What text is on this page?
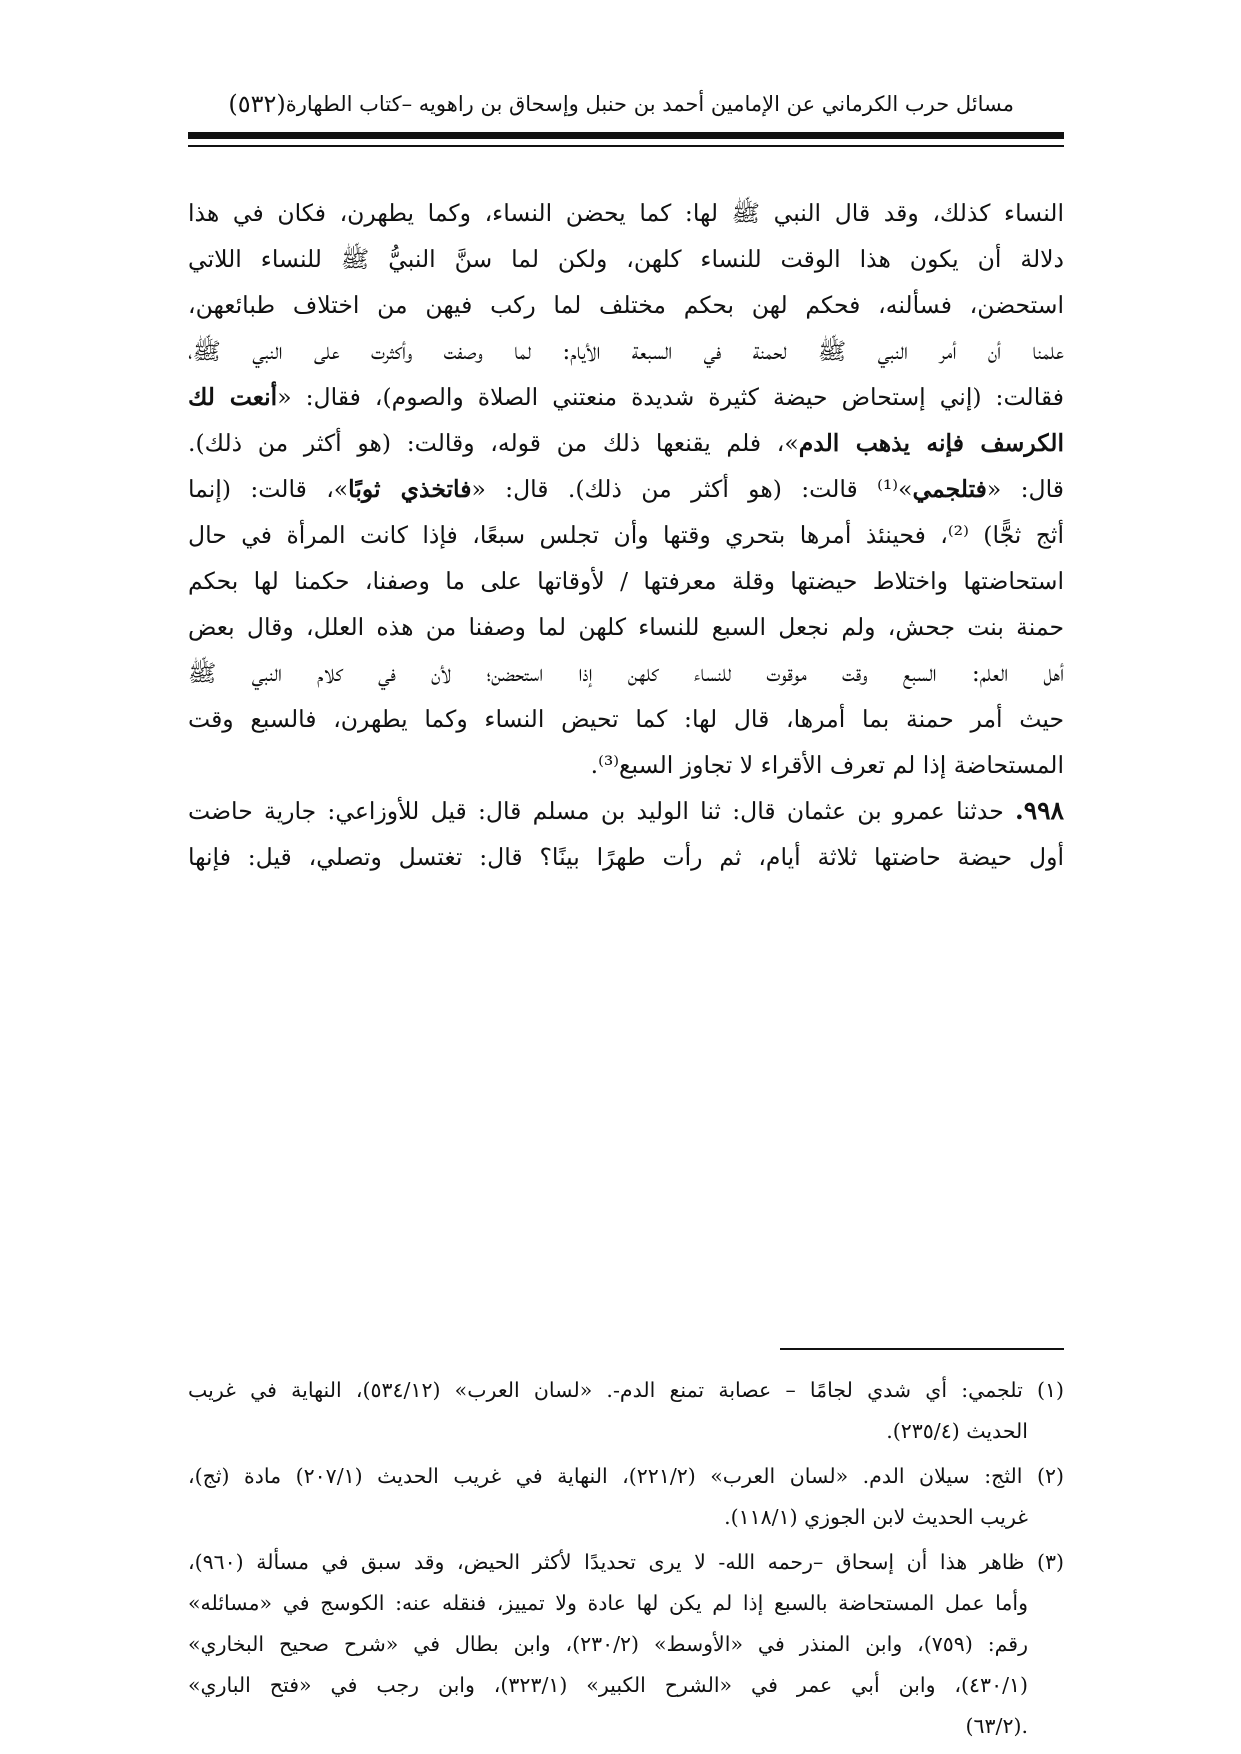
مسائل حرب الكرماني عن الإمامين أحمد بن حنبل وإسحاق بن راهويه –كتاب الطهارة
(٥٣٢)
النساء كذلك، وقد قال النبي ﷺ لها: كما يحضن النساء، وكما يطهرن، فكان في هذا
دلالة أن يكون هذا الوقت للنساء كلهن، ولكن لما سنَّ النبيُّ ﷺ للنساء اللاتي
استحضن، فسألنه، فحكم لهن بحكم مختلف لما ركب فيهن من اختلاف طبائعهن،
علمنا أن أمر النبي ﷺ لحمنة في السبعة الأيام: لما وصفت وأكثرت على النبي ﷺ،
فقالت: (إني إستحاض حيضة كثيرة شديدة منعتني الصلاة والصوم)، فقال: «أنعت لك
الكرسف فإنه يذهب الدم»، فلم يقنعها ذلك من قوله، وقالت: (هو أكثر من ذلك).
قال: «فتلجمي»⁽¹⁾ قالت: (هو أكثر من ذلك). قال: «فاتخذي ثوبًا»، قالت: (إنما
أثج ثجًّا) ⁽²⁾، فحينئذ أمرها بتحري وقتها وأن تجلس سبعًا، فإذا كانت المرأة في حال
استحاضتها واختلاط حيضتها وقلة معرفتها / لأوقاتها على ما وصفنا، حكمنا لها بحكم
حمنة بنت جحش، ولم نجعل السبع للنساء كلهن لما وصفنا من هذه العلل، وقال بعض
أهل العلم: السبع وقت موقوت للنساء كلهن إذا استحضن؛ لأن في كلام النبي ﷺ
حيث أمر حمنة بما أمرها، قال لها: كما تحيض النساء وكما يطهرن، فالسبع وقت
المستحاضة إذا لم تعرف الأقراء لا تجاوز السبع⁽³⁾.
٩٩٨. حدثنا عمرو بن عثمان قال: ثنا الوليد بن مسلم قال: قيل للأوزاعي: جارية حاضت
أول حيضة حاضتها ثلاثة أيام، ثم رأت طهرًا بينًا؟ قال: تغتسل وتصلي، قيل: فإنها
(١) تلجمي: أي شدي لجامًا – عصابة تمنع الدم-. «لسان العرب» (٥٣٤/١٢)، النهاية في غريب
الحديث (٢٣٥/٤).
(٢) الثج: سيلان الدم. «لسان العرب» (٢٢١/٢)، النهاية في غريب الحديث (٢٠٧/١) مادة (ثج)،
غريب الحديث لابن الجوزي (١١٨/١).
(٣) ظاهر هذا أن إسحاق –رحمه الله- لا يرى تحديدًا لأكثر الحيض، وقد سبق في مسألة (٩٦٠)،
وأما عمل المستحاضة بالسبع إذا لم يكن لها عادة ولا تمييز، فنقله عنه: الكوسج في «مسائله»
رقم: (٧٥٩)، وابن المنذر في «الأوسط» (٢٣٠/٢)، وابن بطال في «شرح صحيح البخاري»
(٤٣٠/١)، وابن أبي عمر في «الشرح الكبير» (٣٢٣/١)، وابن رجب في «فتح الباري»
.(٦٣/٢)
